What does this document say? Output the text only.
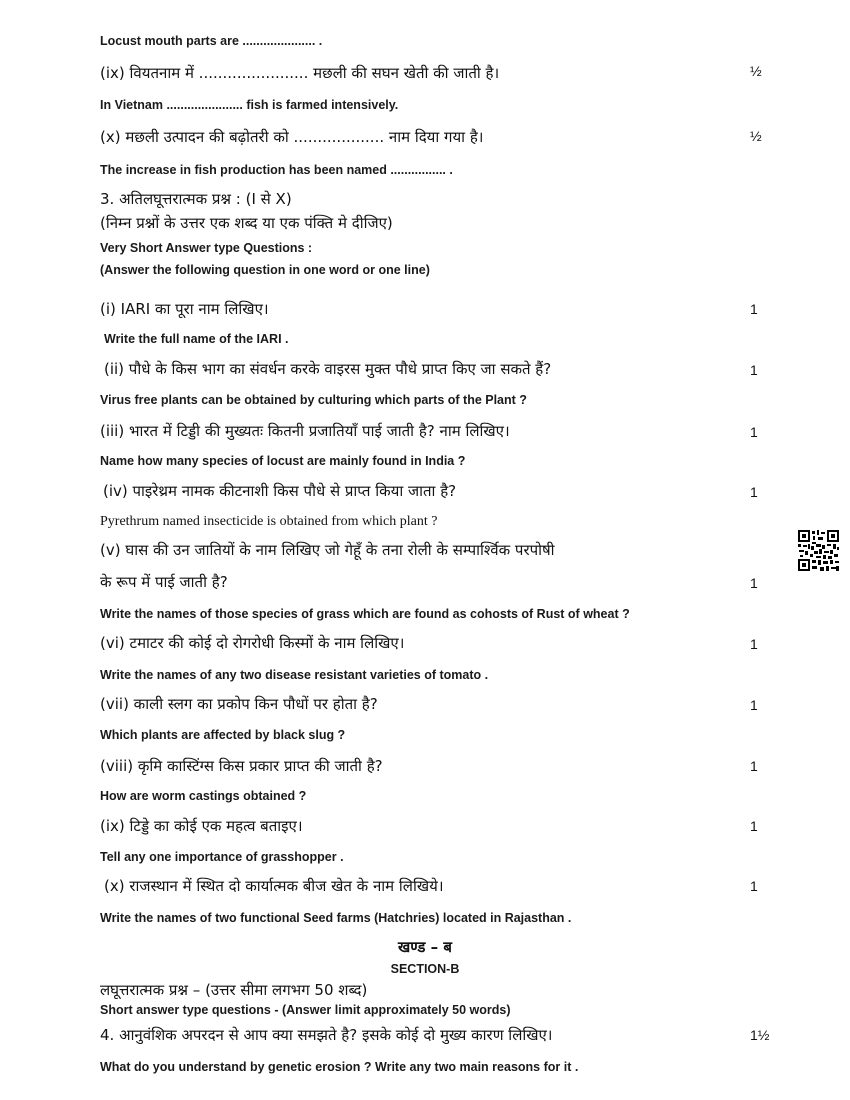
Locust mouth parts are ..................... .
(ix) वियतनाम में ....................... मछली की सघन खेती की जाती है।	½
In Vietnam ...................... fish is farmed intensively.
(x) मछली उत्पादन की बढ़ोतरी को ................... नाम दिया गया है।	½
The increase in fish production has been named ................ .
3. अतिलघूत्तरात्मक प्रश्न : (I से X)
(निम्न प्रश्नों के उत्तर एक शब्द या एक पंक्ति मे दीजिए)
Very Short Answer type Questions :
(Answer the following question in one word or one line)
(i) IARI का पूरा नाम लिखिए।	1
Write the full name of the IARI .
(ii) पौधे के किस भाग का संवर्धन करके वाइरस मुक्त पौधे प्राप्त किए जा सकते हैं?	1
Virus free plants can be obtained by culturing which parts of the Plant ?
(iii) भारत में टिड्डी की मुख्यतः कितनी प्रजातियाँ पाई जाती है? नाम लिखिए।	1
Name how many species of locust are mainly found in India ?
(iv) पाइरेथ्रम नामक कीटनाशी किस पौधे से प्राप्त किया जाता है?	1
Pyrethrum named insecticide is obtained from which plant ?
(v) घास की उन जातियों के नाम लिखिए जो गेहूँ के तना रोली के सम्पार्श्विक परपोषी
के रूप में पाई जाती है?	1
Write the names of those species of grass which are found as cohosts of Rust of wheat ?
(vi) टमाटर की कोई दो रोगरोधी किस्मों के नाम लिखिए।	1
Write the names of any two disease resistant varieties of tomato .
(vii) काली स्लग का प्रकोप किन पौधों पर होता है?	1
Which plants are affected by black slug ?
(viii) कृमि कास्टिंग्स किस प्रकार प्राप्त की जाती है?	1
How are worm castings obtained ?
(ix) टिड्डे का कोई एक महत्व बताइए।	1
Tell any one importance of grasshopper .
(x) राजस्थान में स्थित दो कार्यात्मक बीज खेत के नाम लिखिये।	1
Write the names of two functional Seed farms (Hatchries) located in Rajasthan .
खण्ड – ब
SECTION-B
लघूत्तरात्मक प्रश्न – (उत्तर सीमा लगभग 50 शब्द)
Short answer type questions - (Answer limit approximately 50 words)
4. आनुवंशिक अपरदन से आप क्या समझते है? इसके कोई दो मुख्य कारण लिखिए।	1½
What do you understand by genetic erosion ? Write any two main reasons for it .
